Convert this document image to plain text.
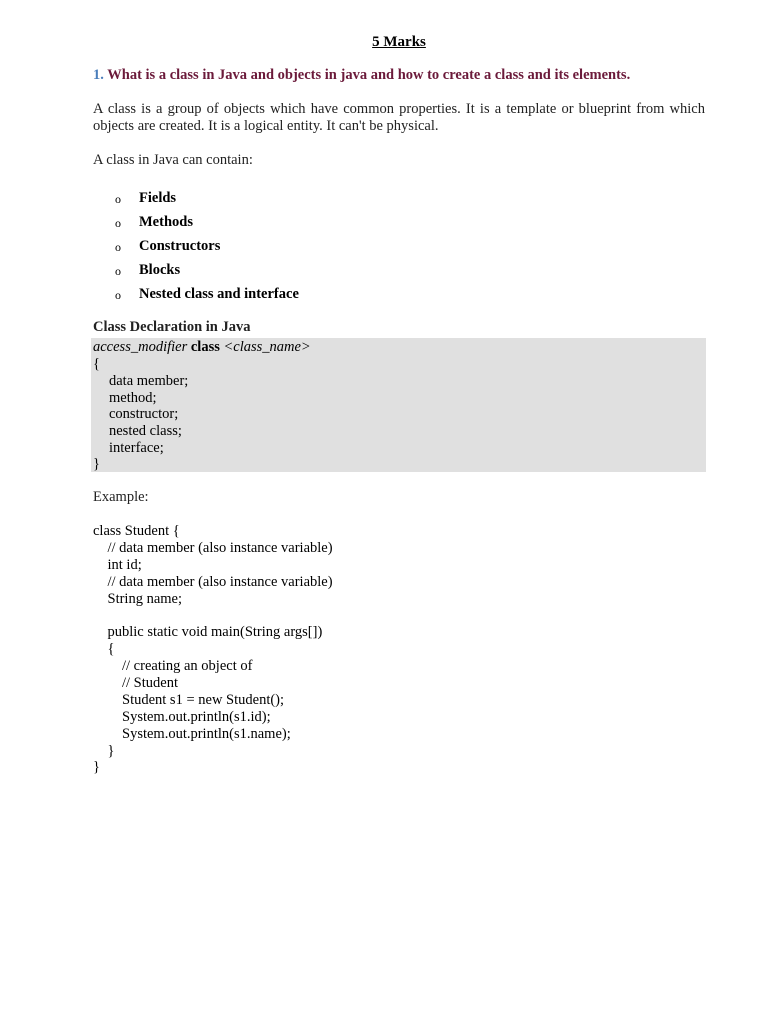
5 Marks
1. What is a class in Java and objects in java and how to create a class and its elements.
A class is a group of objects which have common properties. It is a template or blueprint from which objects are created. It is a logical entity. It can't be physical.
A class in Java can contain:
o	Fields
o	Methods
o	Constructors
o	Blocks
o	Nested class and interface
Class Declaration in Java
access_modifier class <class_name>
{
data member;
method;
constructor;
nested class;
interface;
}
Example:
class Student {
// data member (also instance variable)
int id;
// data member (also instance variable)
String name;
public static void main(String args[])
{
// creating an object of
// Student
Student s1 = new Student();
System.out.println(s1.id);
System.out.println(s1.name);
}
}
